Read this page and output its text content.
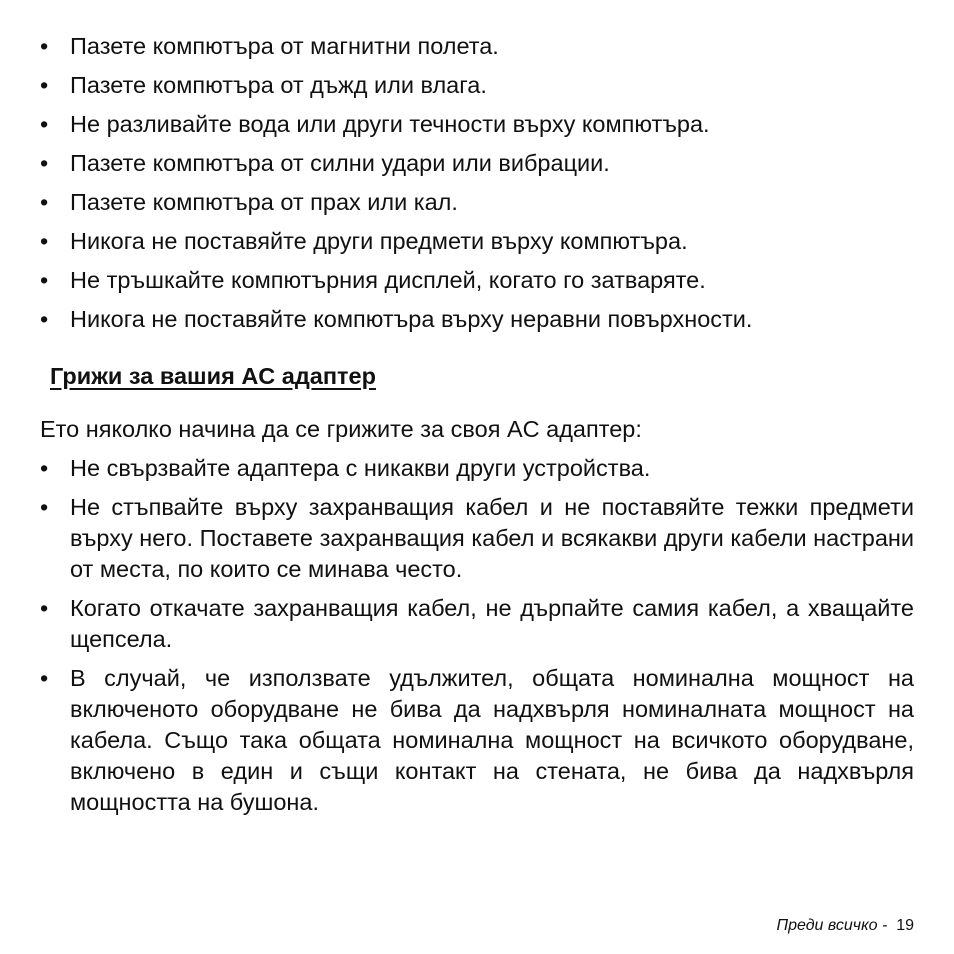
• Пазете компютъра от магнитни полета.
• Пазете компютъра от дъжд или влага.
• Не разливайте вода или други течности върху компютъра.
• Пазете компютъра от силни удари или вибрации.
• Пазете компютъра от прах или кал.
• Никога не поставяйте други предмети върху компютъра.
• Не тръшкайте компютърния дисплей, когато го затваряте.
• Никога не поставяйте компютъра върху неравни повърхности.
Грижи за вашия AC адаптер

Ето няколко начина да се грижите за своя AC адаптер:

• Не свързвайте адаптера с никакви други устройства.
• Не стъпвайте върху захранващия кабел и не поставяйте тежки предмети върху него. Поставете захранващия кабел и всякакви други кабели настрани от места, по които се минава често.
• Когато откачате захранващия кабел, не дърпайте самия кабел, а хващайте щепсела.
• В случай, че използвате удължител, общата номинална мощност на включеното оборудване не бива да надхвърля номиналната мощност на кабела. Също така общата номинална мощност на всичкото оборудване, включено в един и същи контакт на стената, не бива да надхвърля мощността на бушона.
Преди всичко - 19
